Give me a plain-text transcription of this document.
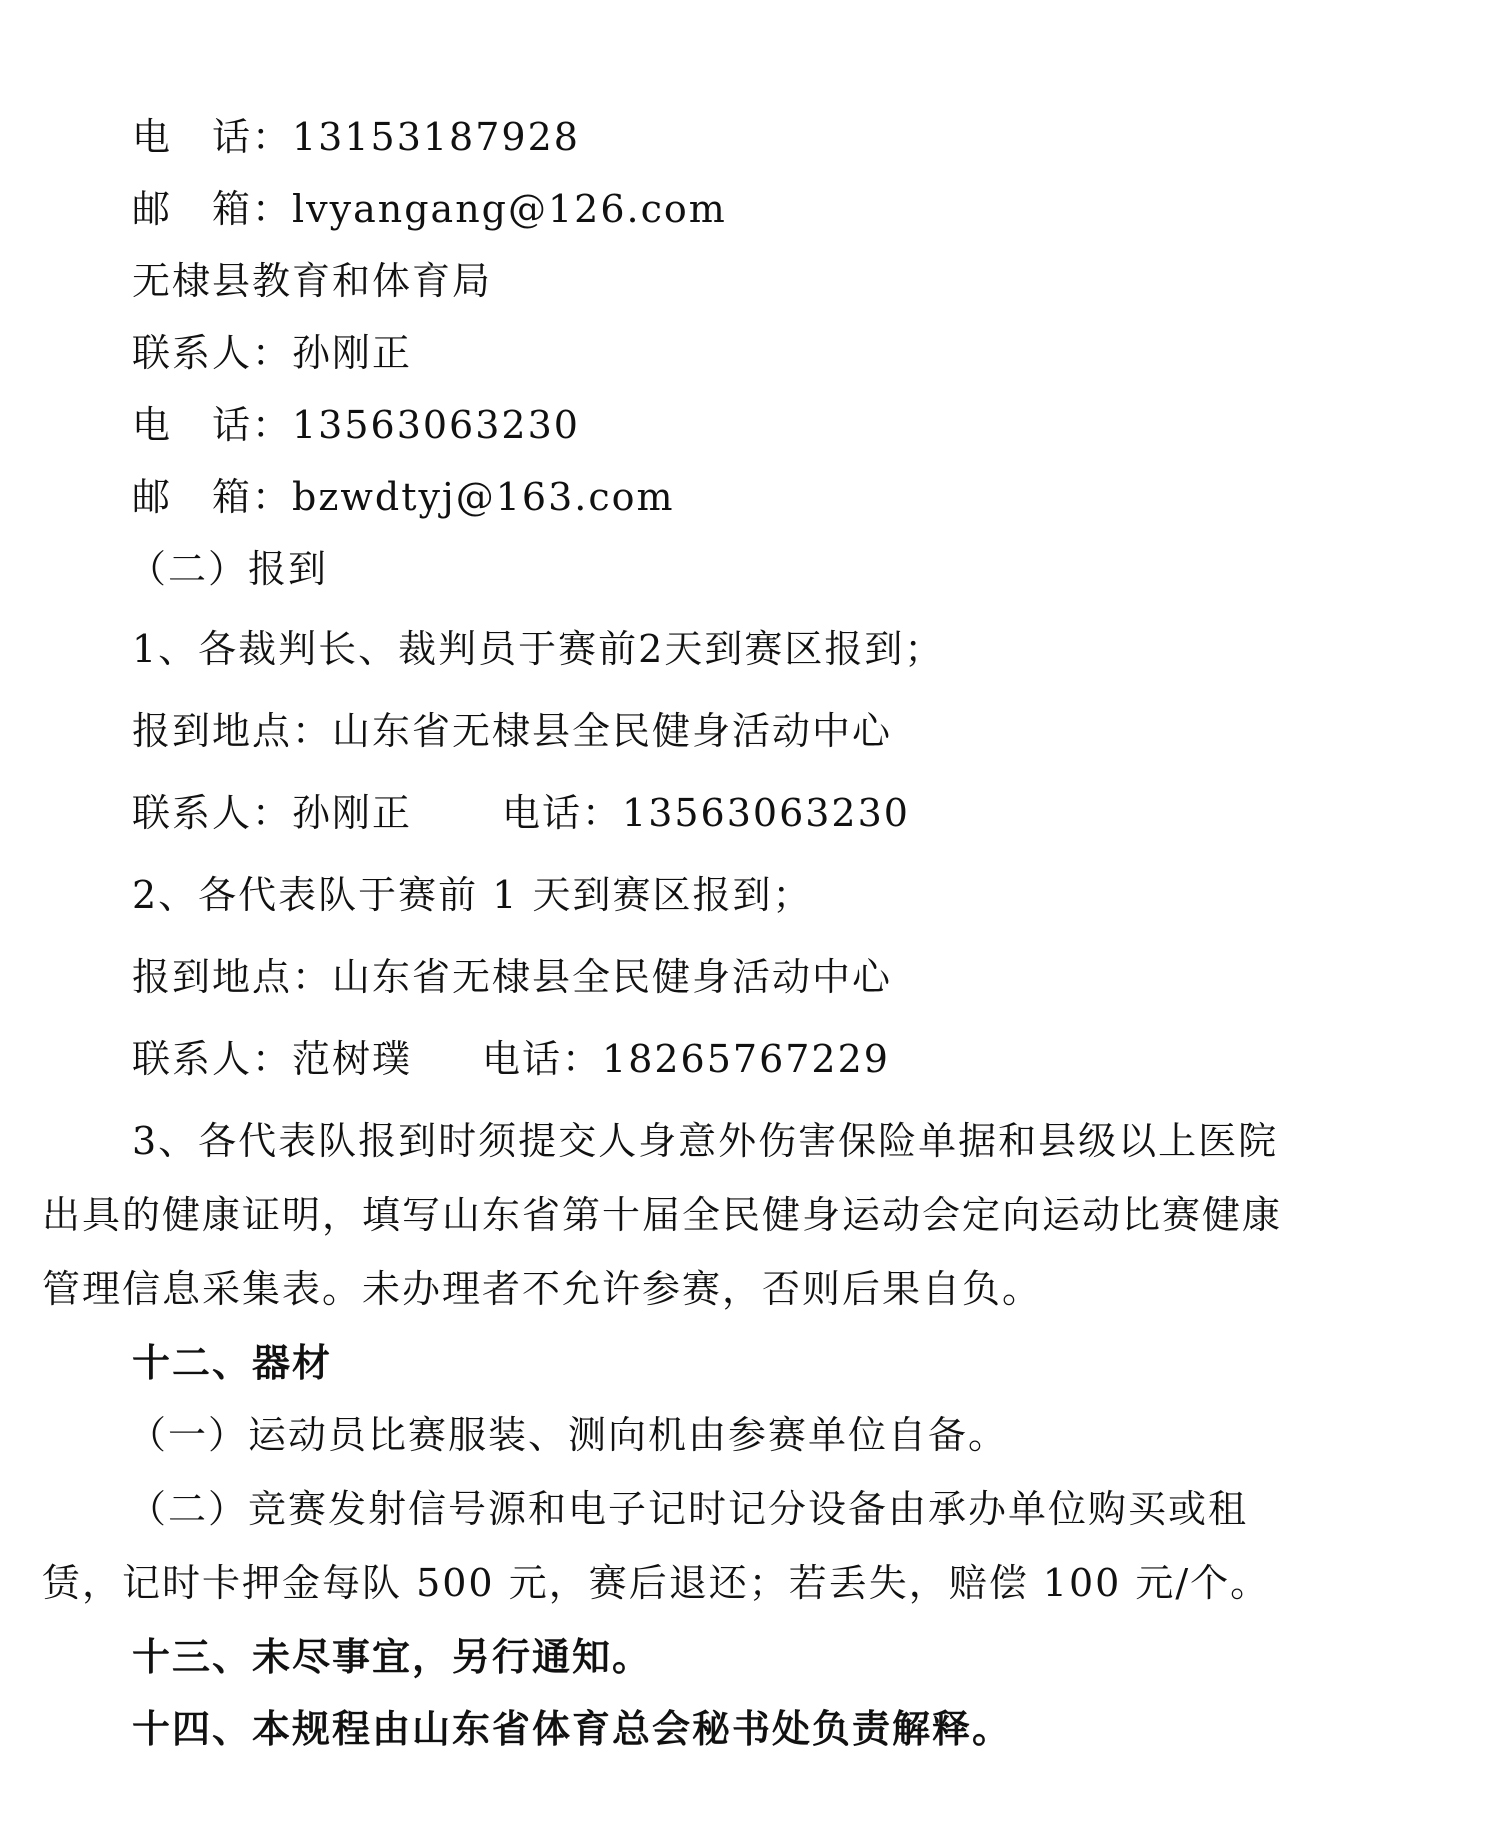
电　话：13153187928
邮　箱：lvyangang@126.com
无棣县教育和体育局
联系人：孙刚正
电　话：13563063230
邮　箱：bzwdtyj@163.com
（二）报到
1、各裁判长、裁判员于赛前2天到赛区报到；
报到地点：山东省无棣县全民健身活动中心
联系人：孙刚正 电话：13563063230
2、各代表队于赛前 1 天到赛区报到；
报到地点：山东省无棣县全民健身活动中心
联系人：范树璞 电话：18265767229
3、各代表队报到时须提交人身意外伤害保险单据和县级以上医院
出具的健康证明，填写山东省第十届全民健身运动会定向运动比赛健康
管理信息采集表。未办理者不允许参赛，否则后果自负。
十二、器材
（一）运动员比赛服装、测向机由参赛单位自备。
（二）竞赛发射信号源和电子记时记分设备由承办单位购买或租
赁，记时卡押金每队 500 元，赛后退还；若丢失，赔偿 100 元/个。
十三、未尽事宜，另行通知。
十四、本规程由山东省体育总会秘书处负责解释。
